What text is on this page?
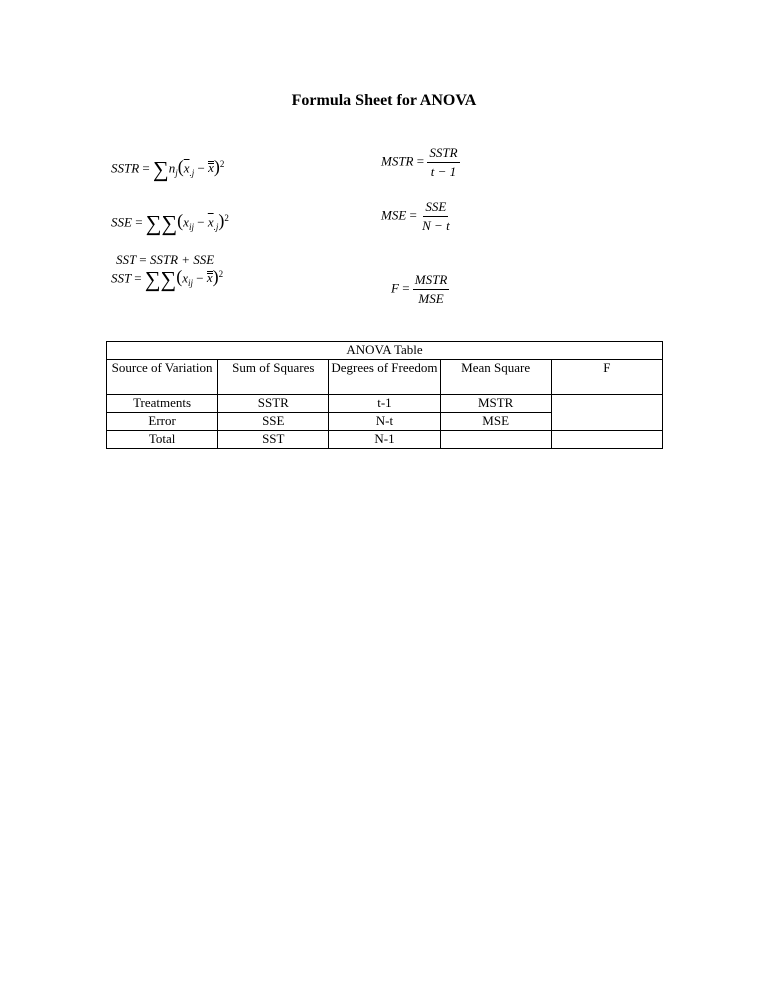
Formula Sheet for ANOVA
SSTR = $\sum n_j(\overline{x}_{.j} - x)^2$	MSTR = $\frac{\text{SSTR}}{t - 1}$
SSE = $\sum\sum(x_{ij} - \overline{x}_{.j})^2$	MSE = $\frac{\text{SSE}}{N - t}$
SST = SSTR + SSE
SST = $\sum\sum(x_{ij} - x)^2$
$F = \frac{\text{MSTR}}{\text{MSE}}$
ANOVA Table				
Source of Variation	Sum of Squares	Degrees of Freedom	Mean Square	F
Treatments	SSTR	t-1	MSTR	
Error	SSE	N-t	MSE	
Total	SST	N-1		
